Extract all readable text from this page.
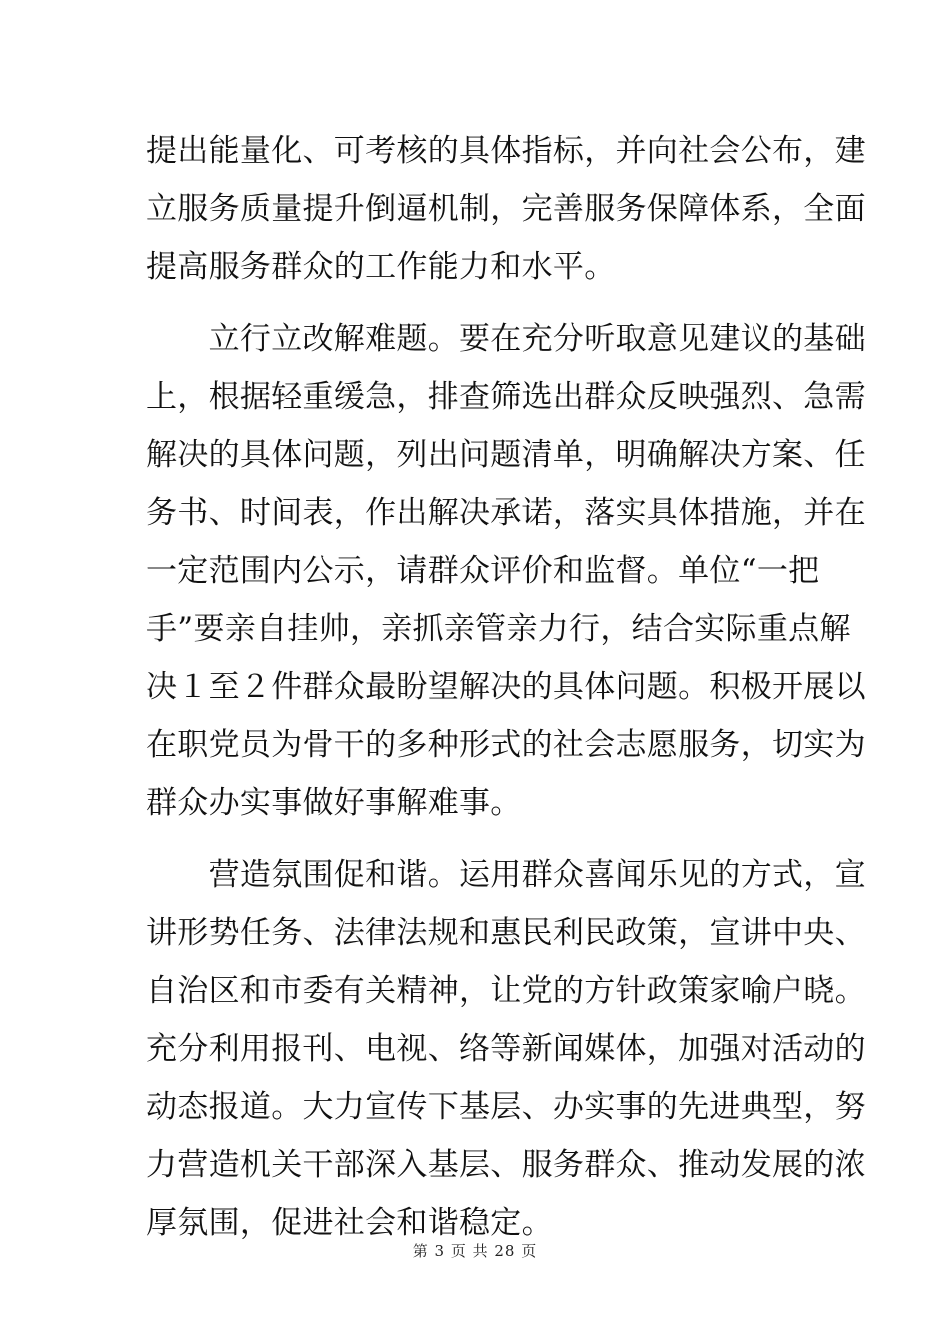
提出能量化、可考核的具体指标，并向社会公布，建
立服务质量提升倒逼机制，完善服务保障体系，全面
提高服务群众的工作能力和水平。
　　立行立改解难题。要在充分听取意见建议的基础
上，根据轻重缓急，排查筛选出群众反映强烈、急需
解决的具体问题，列出问题清单，明确解决方案、任
务书、时间表，作出解决承诺，落实具体措施，并在
一定范围内公示，请群众评价和监督。单位“一把
手”要亲自挂帅，亲抓亲管亲力行，结合实际重点解
决１至２件群众最盼望解决的具体问题。积极开展以
在职党员为骨干的多种形式的社会志愿服务，切实为
群众办实事做好事解难事。
　　营造氛围促和谐。运用群众喜闻乐见的方式，宣
讲形势任务、法律法规和惠民利民政策，宣讲中央、
自治区和市委有关精神，让党的方针政策家喻户晓。
充分利用报刊、电视、络等新闻媒体，加强对活动的
动态报道。大力宣传下基层、办实事的先进典型，努
力营造机关干部深入基层、服务群众、推动发展的浓
厚氛围，促进社会和谐稳定。
第 3 页 共 28 页
